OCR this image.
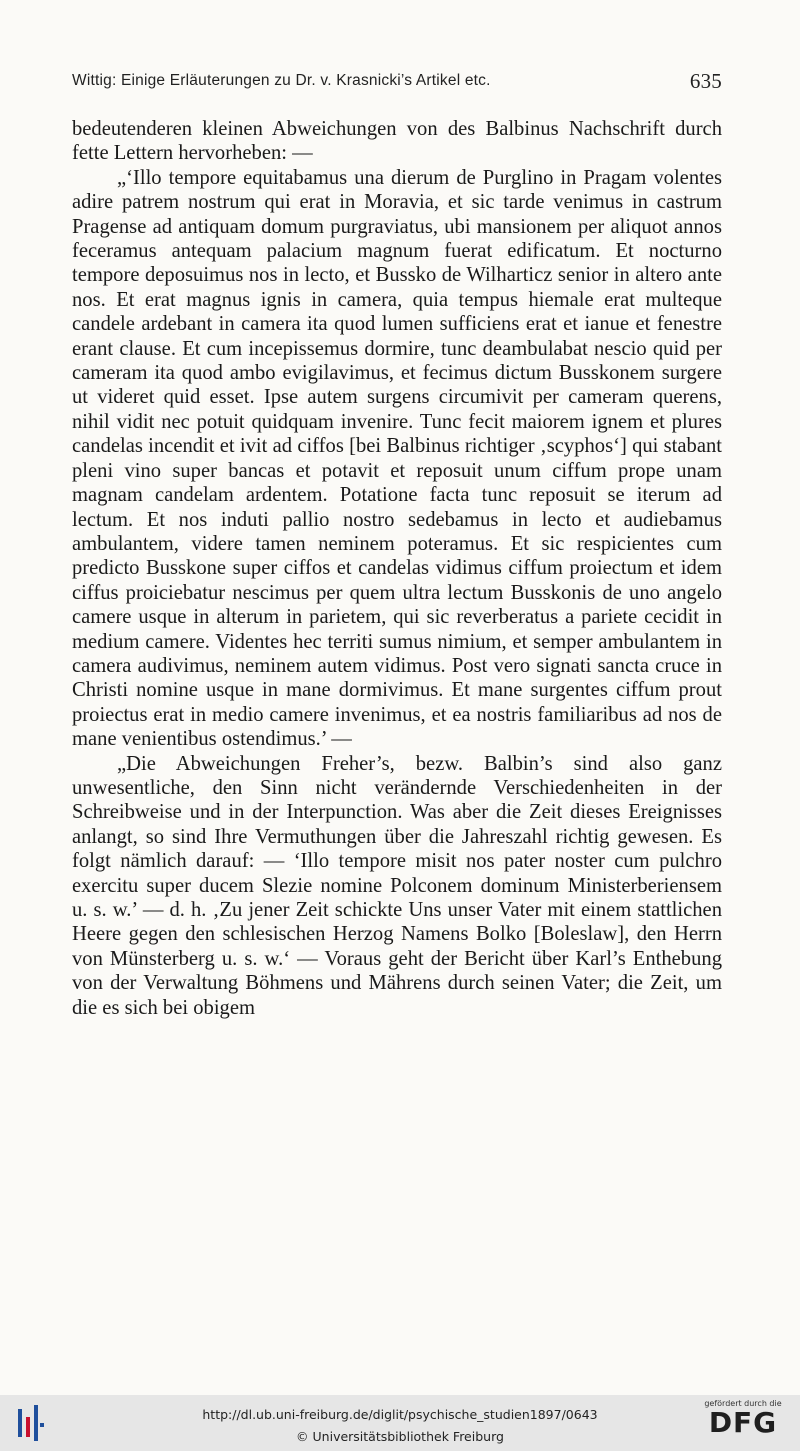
Wittig: Einige Erläuterungen zu Dr. v. Krasnicki’s Artikel etc.	635

bedeutenderen kleinen Abweichungen von des Balbinus Nachschrift durch fette Lettern hervorheben: —

„‘Illo tempore equitabamus una dierum de Purglino in Pragam volentes adire patrem nostrum qui erat in Moravia, et sic tarde venimus in castrum Pragense ad antiquam domum purgraviatus, ubi mansionem per aliquot annos feceramus antequam palacium magnum fuerat edificatum. Et nocturno tempore deposuimus nos in lecto, et Bussko de Wilharticz senior in altero ante nos. Et erat magnus ignis in camera, quia tempus hiemale erat multeque candele ardebant in camera ita quod lumen sufficiens erat et ianue et fenestre erant clause. Et cum incepissemus dormire, tunc deambulabat nescio quid per cameram ita quod ambo evigilavimus, et fecimus dictum Busskonem surgere ut videret quid esset. Ipse autem surgens circumivit per cameram querens, nihil vidit nec potuit quidquam invenire. Tunc fecit maiorem ignem et plures candelas incendit et ivit ad ciffos [bei Balbinus richtiger ‚scyphos‘] qui stabant pleni vino super bancas et potavit et reposuit unum ciffum prope unam magnam candelam ardentem. Potatione facta tunc reposuit se iterum ad lectum. Et nos induti pallio nostro sedebamus in lecto et audiebamus ambulantem, videre tamen neminem poteramus. Et sic respicientes cum predicto Busskone super ciffos et candelas vidimus ciffum proiectum et idem ciffus proiciebatur nescimus per quem ultra lectum Busskonis de uno angelo camere usque in alterum in parietem, qui sic reverberatus a pariete cecidit in medium camere. Videntes hec territi sumus nimium, et semper ambulantem in camera audivimus, neminem autem vidimus. Post vero signati sancta cruce in Christi nomine usque in mane dormivimus. Et mane surgentes ciffum prout proiectus erat in medio camere invenimus, et ea nostris familiaribus ad nos de mane venientibus ostendimus.’ —

„Die Abweichungen Freher’s, bezw. Balbin’s sind also ganz unwesentliche, den Sinn nicht verändernde Verschiedenheiten in der Schreibweise und in der Interpunction. Was aber die Zeit dieses Ereignisses anlangt, so sind Ihre Vermuthungen über die Jahreszahl richtig gewesen. Es folgt nämlich darauf: — ‘Illo tempore misit nos pater noster cum pulchro exercitu super ducem Slezie nomine Polconem dominum Ministerberiensem u. s. w.’ — d. h. ‚Zu jener Zeit schickte Uns unser Vater mit einem stattlichen Heere gegen den schlesischen Herzog Namens Bolko [Boleslaw], den Herrn von Münsterberg u. s. w.‘ — Voraus geht der Bericht über Karl’s Enthebung von der Verwaltung Böhmens und Mährens durch seinen Vater; die Zeit, um die es sich bei obigem

http://dl.ub.uni-freiburg.de/diglit/psychische_studien1897/0643
© Universitätsbibliothek Freiburg
gefördert durch die
DFG
